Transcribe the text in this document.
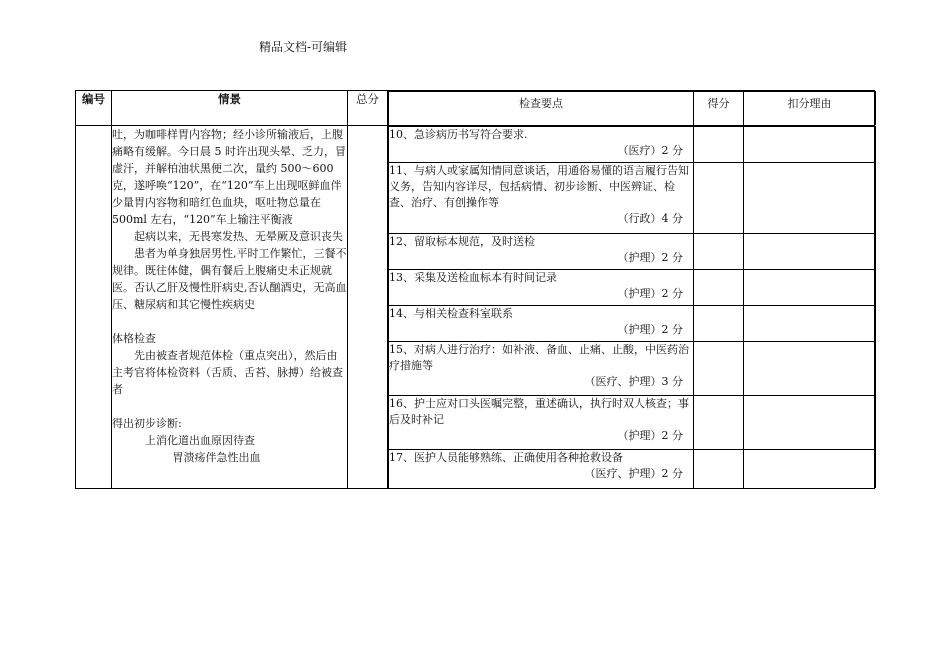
精品文档-可编辑
编号	情景	总分		检查要点	得分	扣分理由

吐，为咖啡样胃内容物；经小诊所输液后，上腹痛略有缓解。今日晨 5 时许出现头晕、乏力，冒虚汗，并解柏油状黑便二次，量约 500～600 克，遂呼唤“120”，在“120”车上出现呕鲜血伴少量胃内容物和暗红色血块，呕吐物总量在500ml 左右，“120”车上输注平衡液

起病以来，无畏寒发热、无晕厥及意识丧失

患者为单身独居男性,平时工作繁忙，三餐不规律。既往体健，偶有餐后上腹痛史未正规就医。否认乙肝及慢性肝病史,否认酗酒史，无高血压、糖尿病和其它慢性疾病史

体格检查

先由被查者规范体检（重点突出），然后由主考官将体检资料（舌质、舌苔、脉搏）给被查者

得出初步诊断:

上消化道出血原因待查

胃溃疡伴急性出血

10、急诊病历书写符合要求.
（医疗）2 分

11、与病人或家属知情同意谈话，用通俗易懂的语言履行告知义务，告知内容详尽，包括病情、初步诊断、中医辨证、检查、治疗、有创操作等
（行政）4 分

12、留取标本规范，及时送检
（护理）2 分

13、采集及送检血标本有时间记录
（护理）2 分

14、与相关检查科室联系
（护理）2 分

15、对病人进行治疗：如补液、备血、止痛、止酸，中医药治疗措施等
（医疗、护理）3 分

16、护士应对口头医嘱完整，重述确认，执行时双人核查；事后及时补记
（护理）2 分

17、医护人员能够熟练、正确使用各种抢救设备
（医疗、护理）2 分
